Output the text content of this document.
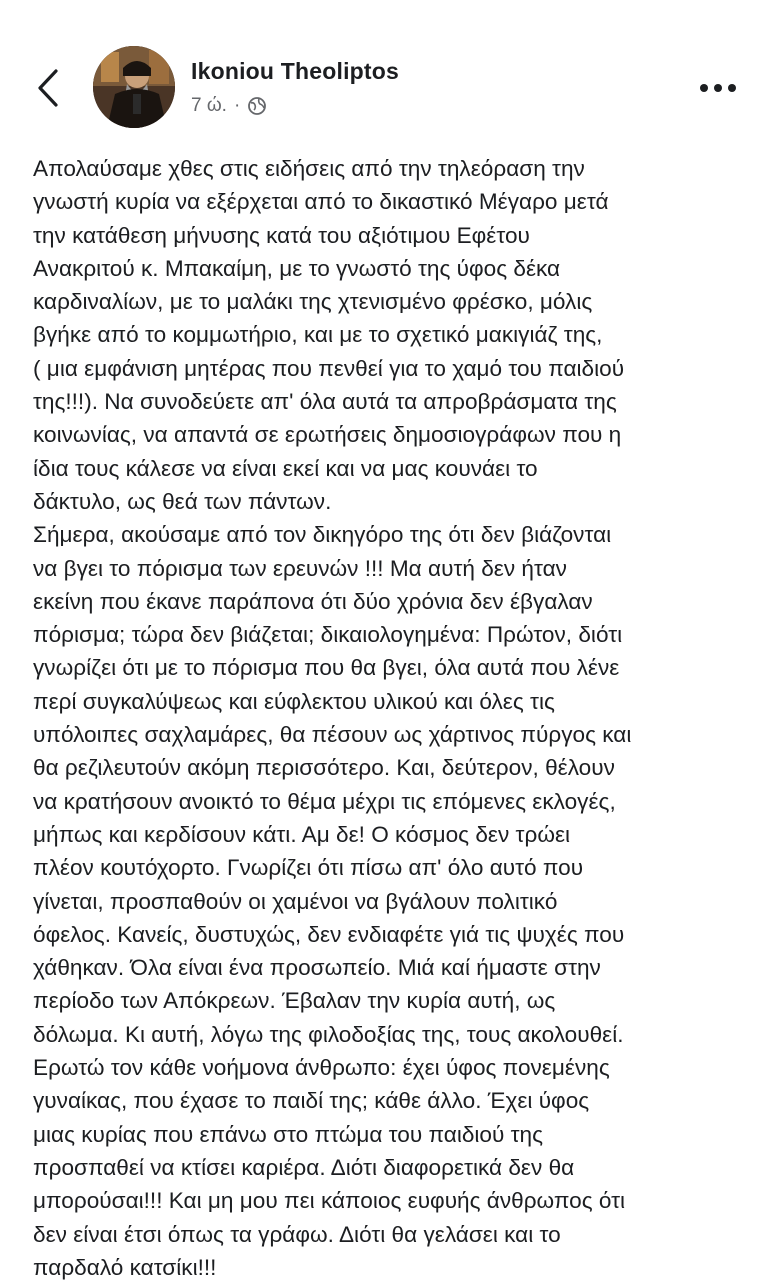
Ikoniou Theoliptos
7 ώ. ·

Απολαύσαμε χθες στις ειδήσεις από την τηλεόραση την
γνωστή κυρία να εξέρχεται από το δικαστικό Μέγαρο μετά
την κατάθεση μήνυσης κατά του αξιότιμου Εφέτου
Ανακριτού κ. Μπακαίμη, με το γνωστό της ύφος δέκα
καρδιναλίων, με το μαλάκι της χτενισμένο φρέσκο, μόλις
βγήκε από το κομμωτήριο, και με το σχετικό μακιγιάζ της,
( μια εμφάνιση μητέρας που πενθεί για το χαμό του παιδιού
της!!!). Να συνοδεύετε απ' όλα αυτά τα απροβράσματα της
κοινωνίας, να απαντά σε ερωτήσεις δημοσιογράφων που η
ίδια τους κάλεσε να είναι εκεί και να μας κουνάει το
δάκτυλο, ως θεά των πάντων.
Σήμερα, ακούσαμε από τον δικηγόρο της ότι δεν βιάζονται
να βγει το πόρισμα των ερευνών !!! Μα αυτή δεν ήταν
εκείνη που έκανε παράπονα ότι δύο χρόνια δεν έβγαλαν
πόρισμα; τώρα δεν βιάζεται; δικαιολογημένα: Πρώτον, διότι
γνωρίζει ότι με το πόρισμα που θα βγει, όλα αυτά που λένε
περί συγκαλύψεως και εύφλεκτου υλικού και όλες τις
υπόλοιπες σαχλαμάρες, θα πέσουν ως χάρτινος πύργος και
θα ρεζιλευτούν ακόμη περισσότερο. Και, δεύτερον, θέλουν
να κρατήσουν ανοικτό το θέμα μέχρι τις επόμενες εκλογές,
μήπως και κερδίσουν κάτι. Αμ δε! Ο κόσμος δεν τρώει
πλέον κουτόχορτο. Γνωρίζει ότι πίσω απ' όλο αυτό που
γίνεται, προσπαθούν οι χαμένοι να βγάλουν πολιτικό
όφελος. Κανείς, δυστυχώς, δεν ενδιαφέτε γιά τις ψυχές που
χάθηκαν. Όλα είναι ένα προσωπείο. Μιά καί ήμαστε στην
περίοδο των Απόκρεων. Έβαλαν την κυρία αυτή, ως
δόλωμα. Κι αυτή, λόγω της φιλοδοξίας της, τους ακολουθεί.
Ερωτώ τον κάθε νοήμονα άνθρωπο: έχει ύφος πονεμένης
γυναίκας, που έχασε το παιδί της; κάθε άλλο. Έχει ύφος
μιας κυρίας που επάνω στο πτώμα του παιδιού της
προσπαθεί να κτίσει καριέρα. Διότι διαφορετικά δεν θα
μπορούσαι!!! Και μη μου πει κάποιος ευφυής άνθρωπος ότι
δεν είναι έτσι όπως τα γράφω. Διότι θα γελάσει και το
παρδαλό κατσίκι!!!
